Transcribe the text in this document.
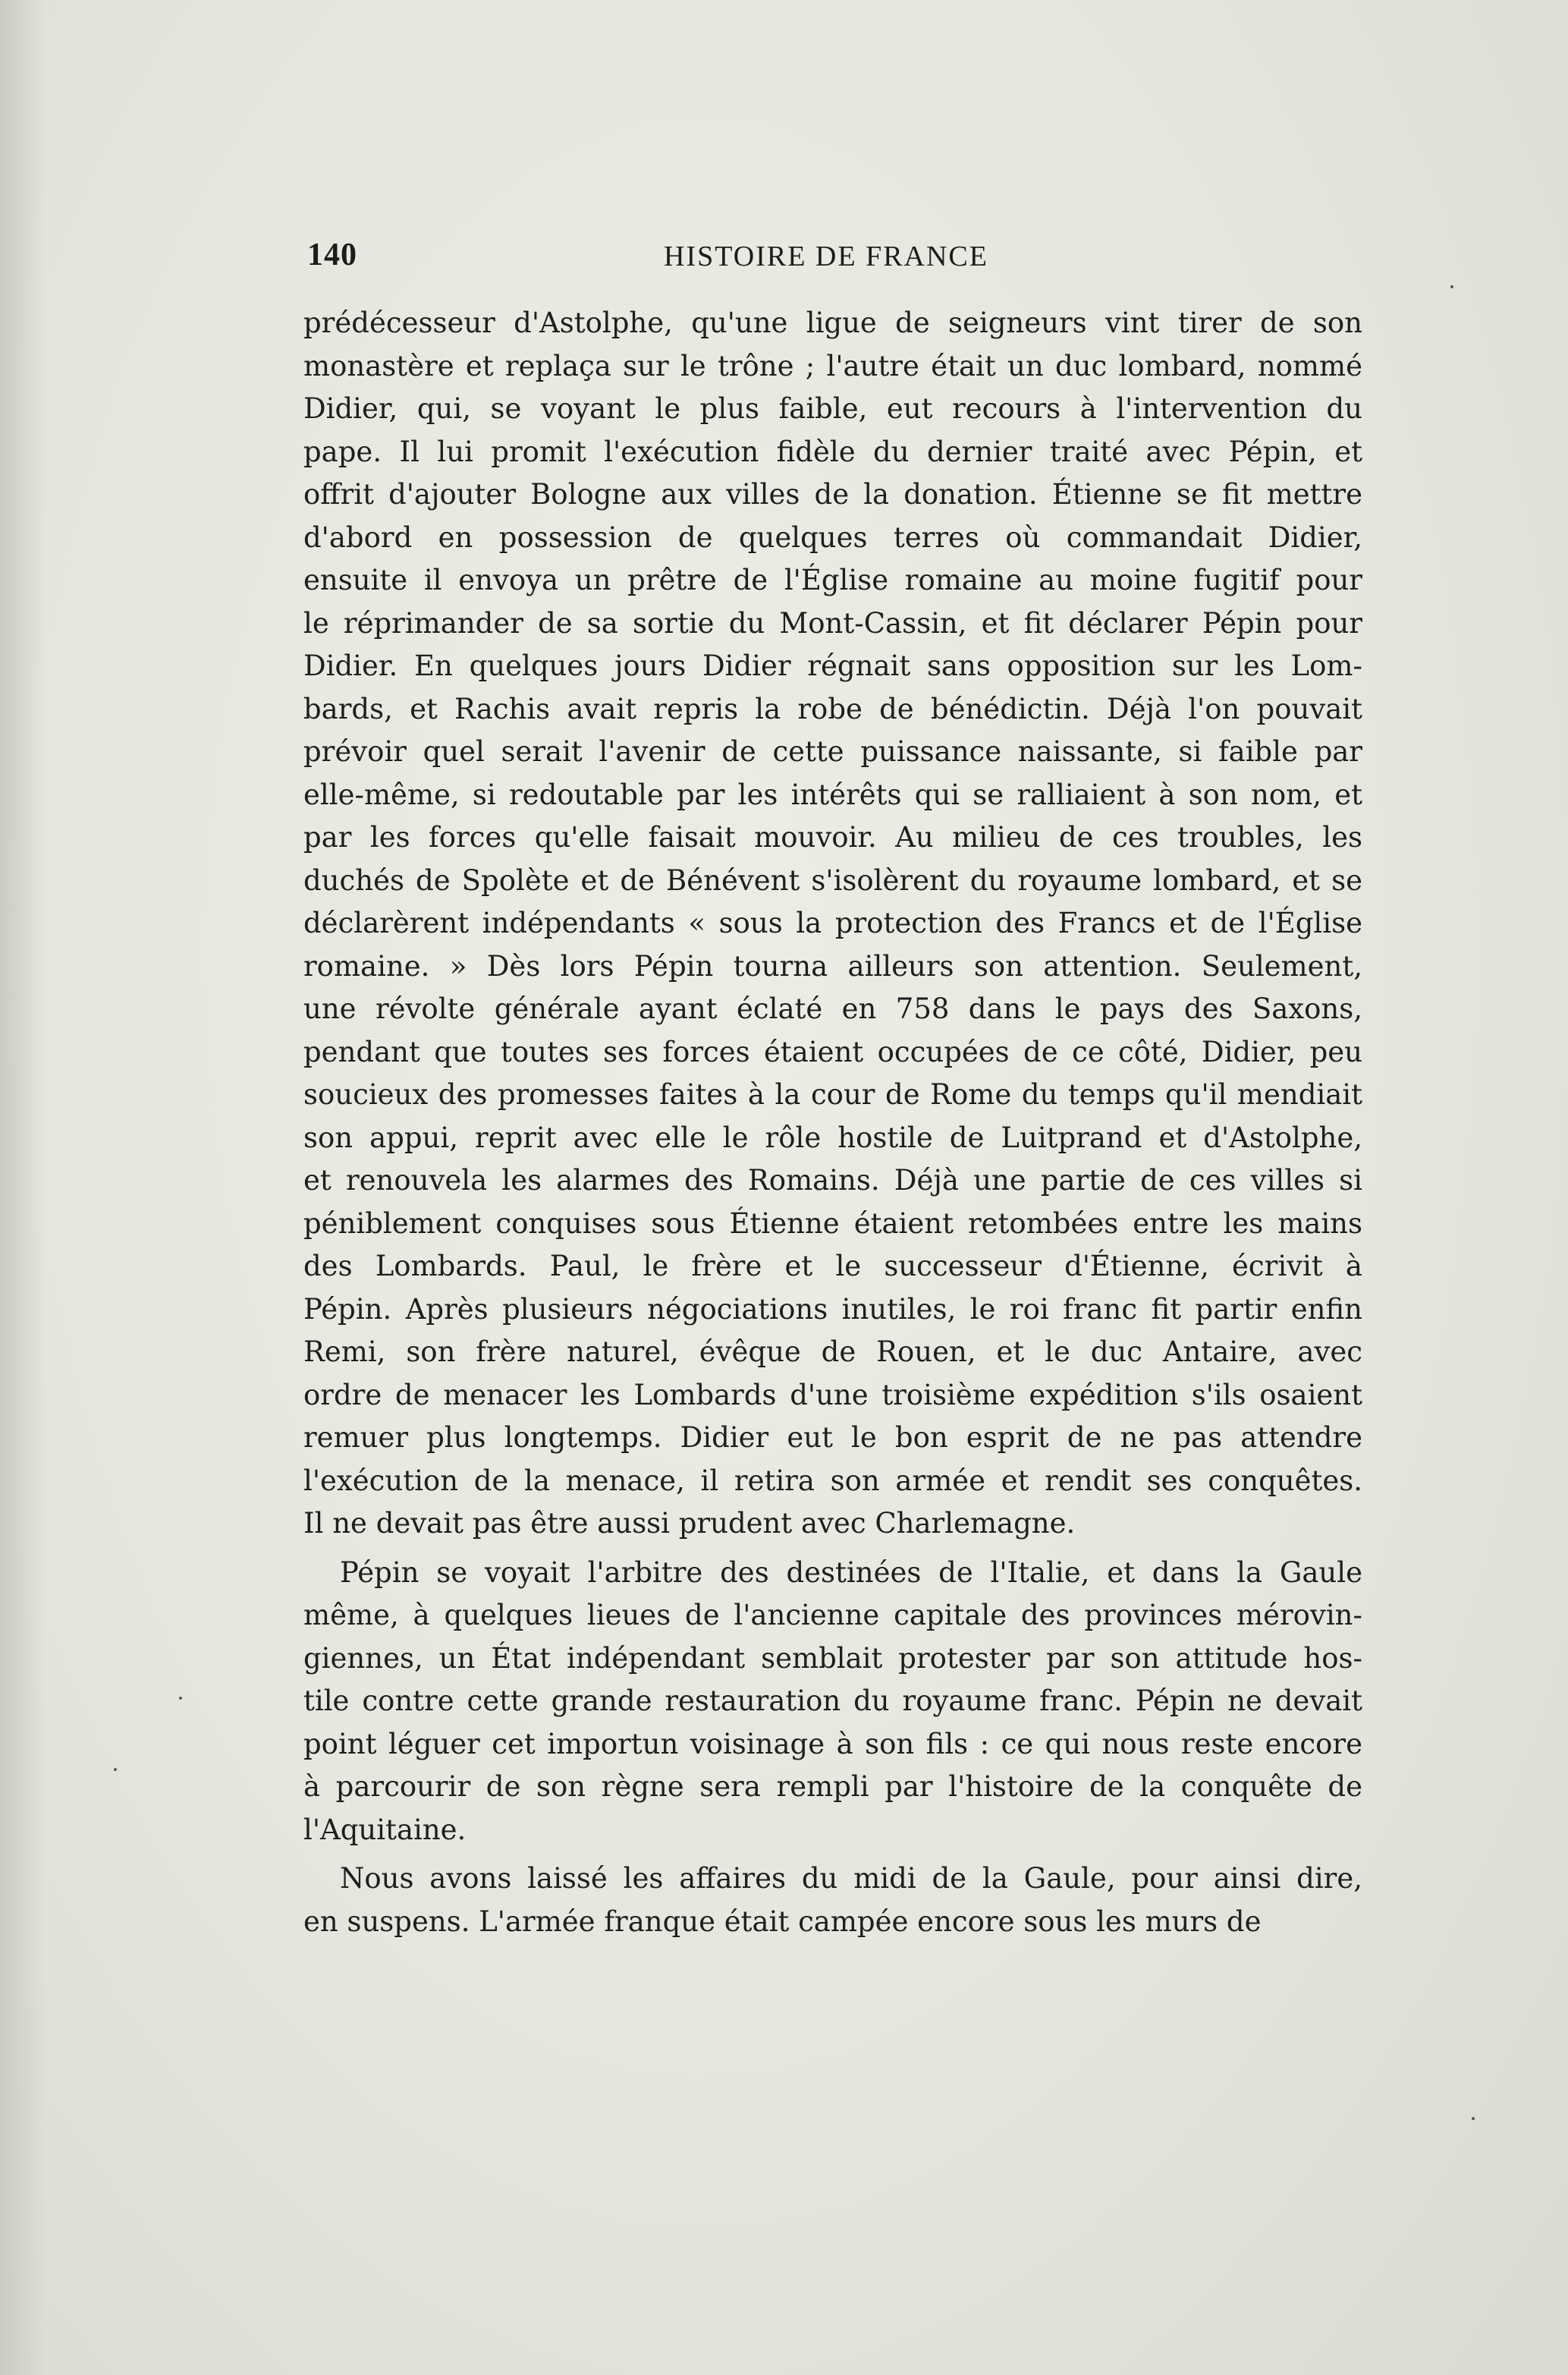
140	HISTOIRE DE FRANCE
prédécesseur d'Astolphe, qu'une ligue de seigneurs vint tirer de son
monastère et replaça sur le trône ; l'autre était un duc lombard, nommé
Didier, qui, se voyant le plus faible, eut recours à l'intervention du
pape. Il lui promit l'exécution fidèle du dernier traité avec Pépin, et
offrit d'ajouter Bologne aux villes de la donation. Étienne se fit mettre
d'abord en possession de quelques terres où commandait Didier,
ensuite il envoya un prêtre de l'Église romaine au moine fugitif pour
le réprimander de sa sortie du Mont-Cassin, et fit déclarer Pépin pour
Didier. En quelques jours Didier régnait sans opposition sur les Lom-
bards, et Rachis avait repris la robe de bénédictin. Déjà l'on pouvait
prévoir quel serait l'avenir de cette puissance naissante, si faible par
elle-même, si redoutable par les intérêts qui se ralliaient à son nom, et
par les forces qu'elle faisait mouvoir. Au milieu de ces troubles, les
duchés de Spolète et de Bénévent s'isolèrent du royaume lombard, et se
déclarèrent indépendants « sous la protection des Francs et de l'Église
romaine. » Dès lors Pépin tourna ailleurs son attention. Seulement,
une révolte générale ayant éclaté en 758 dans le pays des Saxons,
pendant que toutes ses forces étaient occupées de ce côté, Didier, peu
soucieux des promesses faites à la cour de Rome du temps qu'il mendiait
son appui, reprit avec elle le rôle hostile de Luitprand et d'Astolphe,
et renouvela les alarmes des Romains. Déjà une partie de ces villes si
péniblement conquises sous Étienne étaient retombées entre les mains
des Lombards. Paul, le frère et le successeur d'Étienne, écrivit à
Pépin. Après plusieurs négociations inutiles, le roi franc fit partir enfin
Remi, son frère naturel, évêque de Rouen, et le duc Antaire, avec
ordre de menacer les Lombards d'une troisième expédition s'ils osaient
remuer plus longtemps. Didier eut le bon esprit de ne pas attendre
l'exécution de la menace, il retira son armée et rendit ses conquêtes.
Il ne devait pas être aussi prudent avec Charlemagne.
Pépin se voyait l'arbitre des destinées de l'Italie, et dans la Gaule
même, à quelques lieues de l'ancienne capitale des provinces mérovin-
giennes, un État indépendant semblait protester par son attitude hos-
tile contre cette grande restauration du royaume franc. Pépin ne devait
point léguer cet importun voisinage à son fils : ce qui nous reste encore
à parcourir de son règne sera rempli par l'histoire de la conquête de
l'Aquitaine.
Nous avons laissé les affaires du midi de la Gaule, pour ainsi dire,
en suspens. L'armée franque était campée encore sous les murs de
